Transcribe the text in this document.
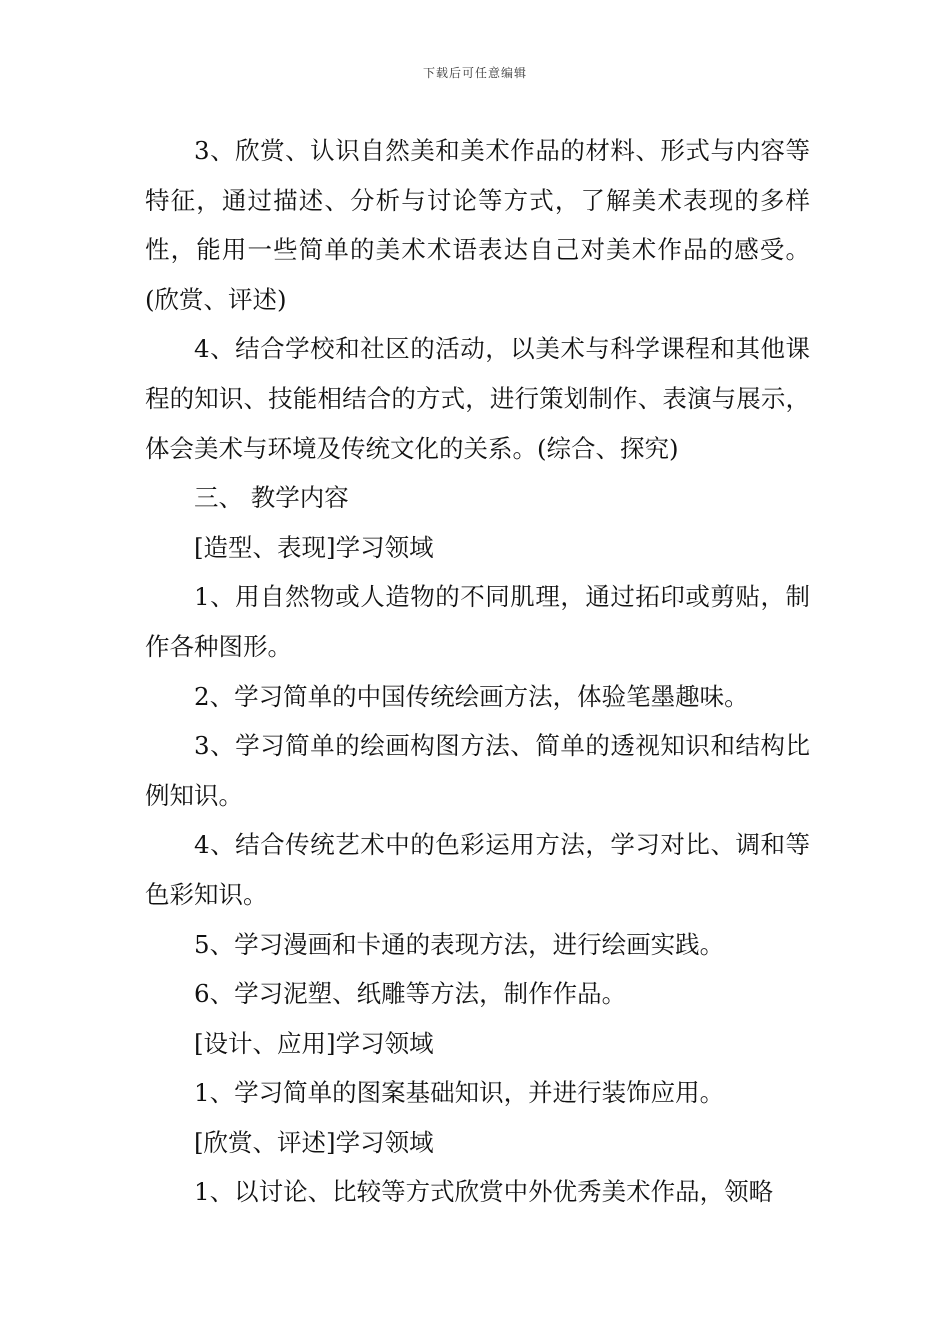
下载后可任意编辑

3、欣赏、认识自然美和美术作品的材料、形式与内容等特征，通过描述、分析与讨论等方式，了解美术表现的多样性，能用一些简单的美术术语表达自己对美术作品的感受。(欣赏、评述)

4、结合学校和社区的活动，以美术与科学课程和其他课程的知识、技能相结合的方式，进行策划制作、表演与展示，体会美术与环境及传统文化的关系。(综合、探究)

三、 教学内容

[造型、表现]学习领域

1、用自然物或人造物的不同肌理，通过拓印或剪贴，制作各种图形。

2、学习简单的中国传统绘画方法，体验笔墨趣味。

3、学习简单的绘画构图方法、简单的透视知识和结构比例知识。

4、结合传统艺术中的色彩运用方法，学习对比、调和等色彩知识。

5、学习漫画和卡通的表现方法，进行绘画实践。

6、学习泥塑、纸雕等方法，制作作品。

[设计、应用]学习领域

1、学习简单的图案基础知识，并进行装饰应用。

[欣赏、评述]学习领域

1、以讨论、比较等方式欣赏中外优秀美术作品，领略
